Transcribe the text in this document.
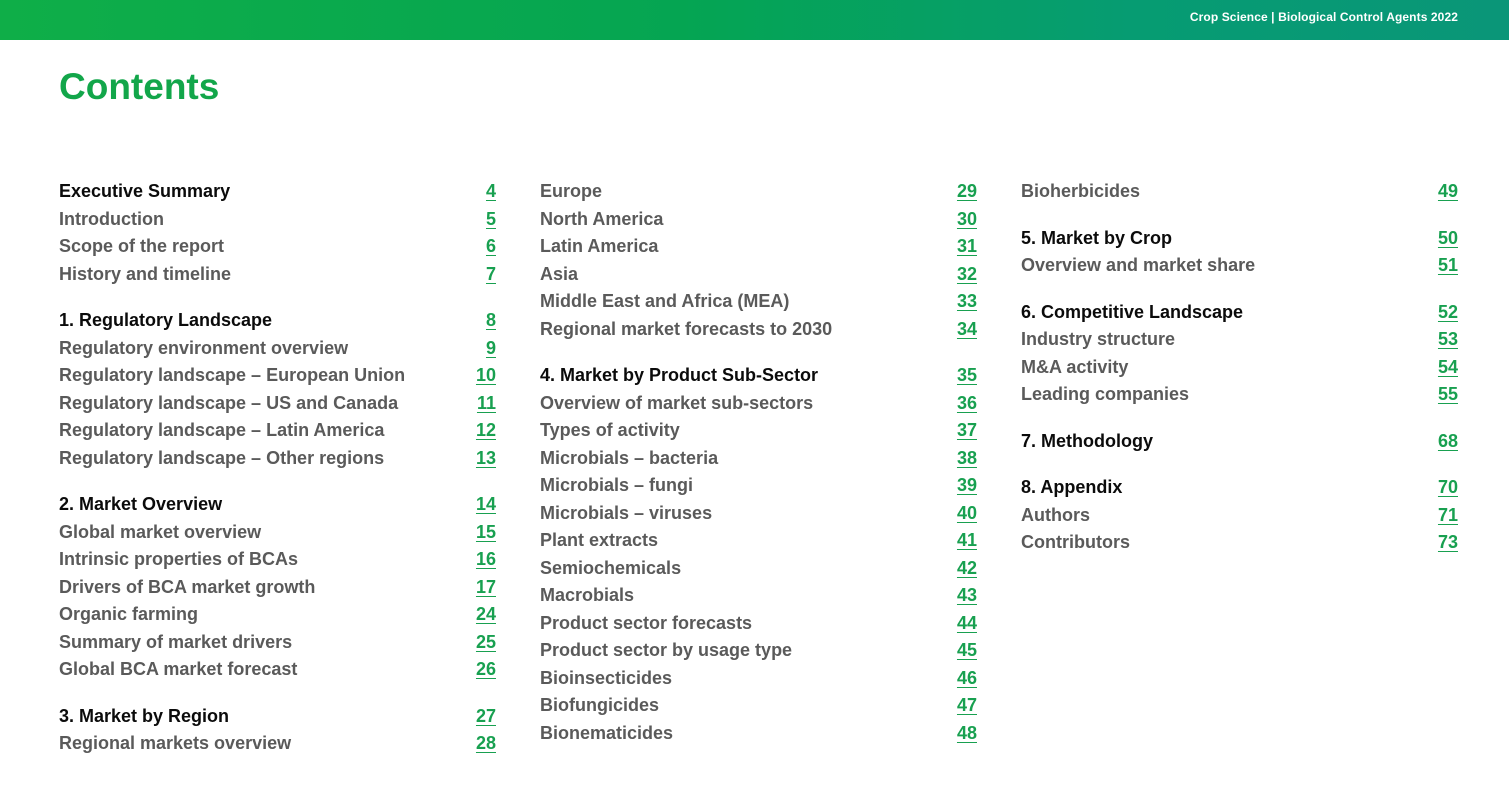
Crop Science | Biological Control Agents 2022
Contents
Executive Summary	4
Introduction	5
Scope of the report	6
History and timeline	7
1. Regulatory Landscape	8
Regulatory environment overview	9
Regulatory landscape – European Union	10
Regulatory landscape – US and Canada	11
Regulatory landscape – Latin America	12
Regulatory landscape – Other regions	13
2. Market Overview	14
Global market overview	15
Intrinsic properties of BCAs	16
Drivers of BCA market growth	17
Organic farming	24
Summary of market drivers	25
Global BCA market forecast	26
3. Market by Region	27
Regional markets overview	28
Europe	29
North America	30
Latin America	31
Asia	32
Middle East and Africa (MEA)	33
Regional market forecasts to 2030	34
4. Market by Product Sub-Sector	35
Overview of market sub-sectors	36
Types of activity	37
Microbials – bacteria	38
Microbials – fungi	39
Microbials – viruses	40
Plant extracts	41
Semiochemicals	42
Macrobials	43
Product sector forecasts	44
Product sector by usage type	45
Bioinsecticides	46
Biofungicides	47
Bionematicides	48
Bioherbicides	49
5. Market by Crop	50
Overview and market share	51
6. Competitive Landscape	52
Industry structure	53
M&A activity	54
Leading companies	55
7. Methodology	68
8. Appendix	70
Authors	71
Contributors	73
